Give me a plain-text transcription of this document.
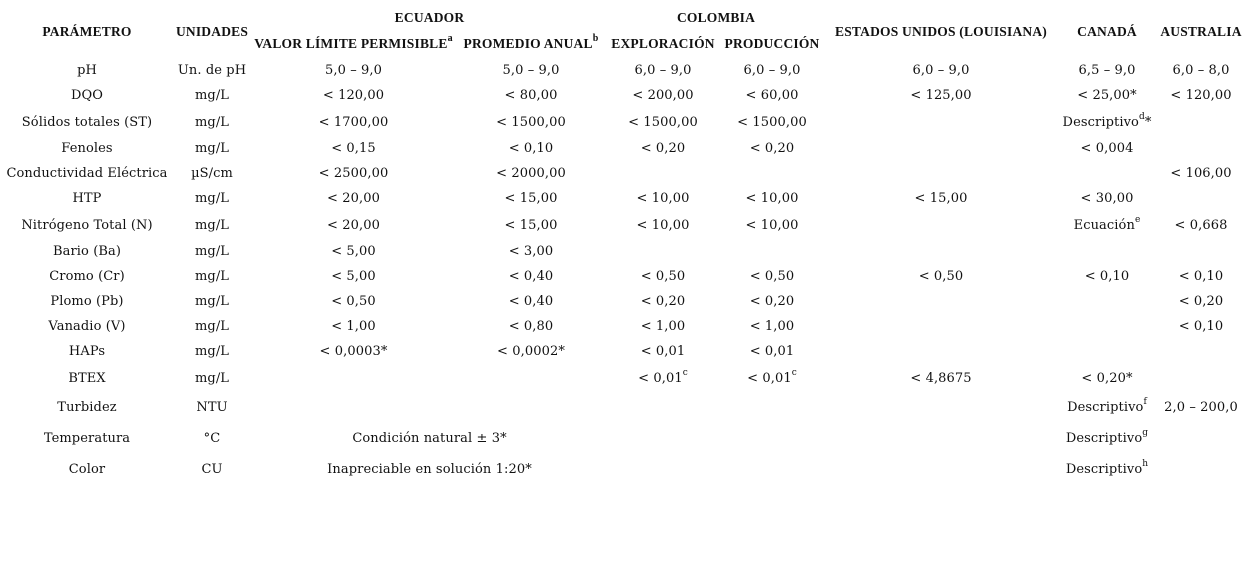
PARÁMETRO	UNIDADES	ECUADOR		COLOMBIA		ESTADOS UNIDOS (LOUISIANA)	CANADÁ	AUSTRALIA
		VALOR LÍMITE PERMISIBLE$^a$	PROMEDIO ANUAL$^b$	EXPLORACIÓN	PRODUCCIÓN			
pH	Un. de pH	5,0 – 9,0	5,0 – 9,0	6,0 – 9,0	6,0 – 9,0	6,0 – 9,0	6,5 – 9,0	6,0 – 8,0
DQO	mg/L	< 120,00	< 80,00	< 200,00	< 60,00	< 125,00	< 25,00*	< 120,00
Sólidos totales (ST)	mg/L	< 1700,00	< 1500,00	< 1500,00	< 1500,00		Descriptivo$^d$*	
Fenoles	mg/L	< 0,15	< 0,10	< 0,20	< 0,20		< 0,004	
Conductividad Eléctrica	µS/cm	< 2500,00	< 2000,00					< 106,00
HTP	mg/L	< 20,00	< 15,00	< 10,00	< 10,00	< 15,00	< 30,00	
Nitrógeno Total (N)	mg/L	< 20,00	< 15,00	< 10,00	< 10,00		Ecuación$^e$	< 0,668
Bario (Ba)	mg/L	< 5,00	< 3,00					
Cromo (Cr)	mg/L	< 5,00	< 0,40	< 0,50	< 0,50	< 0,50	< 0,10	< 0,10
Plomo (Pb)	mg/L	< 0,50	< 0,40	< 0,20	< 0,20			< 0,20
Vanadio (V)	mg/L	< 1,00	< 0,80	< 1,00	< 1,00			< 0,10
HAPs	mg/L	< 0,0003*	< 0,0002*	< 0,01	< 0,01			
BTEX	mg/L			< 0,01$^c$	< 0,01$^c$	< 4,8675	< 0,20*	
Turbidez	NTU						Descriptivo$^f$	2,0 – 200,0
Temperatura	°C	Condición natural ± 3*					Descriptivo$^g$	
Color	CU	Inapreciable en solución 1:20*					Descriptivo$^h$	
